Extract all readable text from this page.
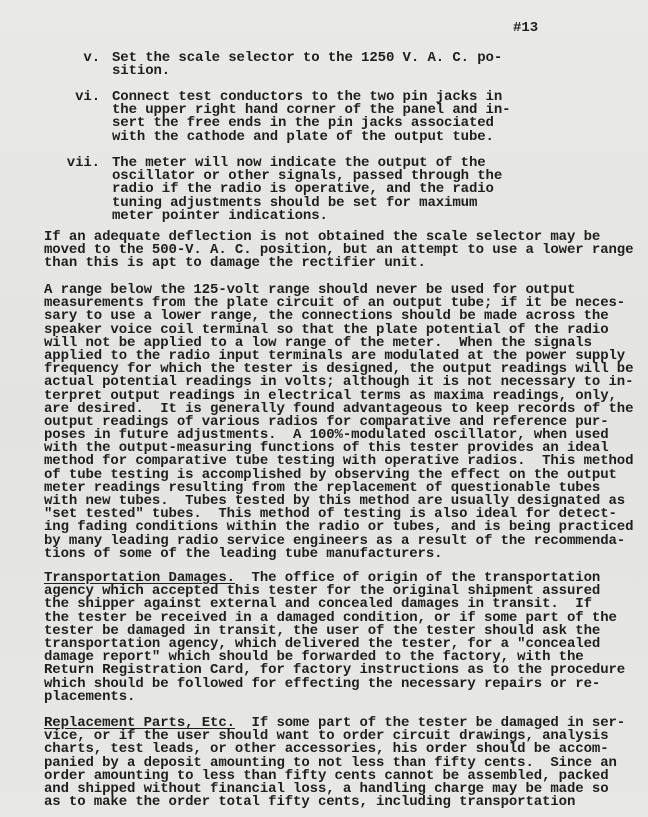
#13
v. Set the scale selector to the 1250 V. A. C. po-
sition.
vi. Connect test conductors to the two pin jacks in
the upper right hand corner of the panel and in-
sert the free ends in the pin jacks associated
with the cathode and plate of the output tube.
vii. The meter will now indicate the output of the
oscillator or other signals, passed through the
radio if the radio is operative, and the radio
tuning adjustments should be set for maximum
meter pointer indications.
If an adequate deflection is not obtained the scale selector may be
moved to the 500-V. A. C. position, but an attempt to use a lower range
than this is apt to damage the rectifier unit.
A range below the 125-volt range should never be used for output
measurements from the plate circuit of an output tube; if it be neces-
sary to use a lower range, the connections should be made across the
speaker voice coil terminal so that the plate potential of the radio
will not be applied to a low range of the meter.  When the signals
applied to the radio input terminals are modulated at the power supply
frequency for which the tester is designed, the output readings will be
actual potential readings in volts; although it is not necessary to in-
terpret output readings in electrical terms as maxima readings, only,
are desired.  It is generally found advantageous to keep records of the
output readings of various radios for comparative and reference pur-
poses in future adjustments.  A 100%-modulated oscillator, when used
with the output-measuring functions of this tester provides an ideal
method for comparative tube testing with operative radios.  This method
of tube testing is accomplished by observing the effect on the output
meter readings resulting from the replacement of questionable tubes
with new tubes.  Tubes tested by this method are usually designated as
"set tested" tubes.  This method of testing is also ideal for detect-
ing fading conditions within the radio or tubes, and is being practiced
by many leading radio service engineers as a result of the recommenda-
tions of some of the leading tube manufacturers.
Transportation Damages.  The office of origin of the transportation
agency which accepted this tester for the original shipment assured
the shipper against external and concealed damages in transit.  If
the tester be received in a damaged condition, or if some part of the
tester be damaged in transit, the user of the tester should ask the
transportation agency, which delivered the tester, for a "concealed
damage report" which should be forwarded to the factory, with the
Return Registration Card, for factory instructions as to the procedure
which should be followed for effecting the necessary repairs or re-
placements.
Replacement Parts, Etc.  If some part of the tester be damaged in ser-
vice, or if the user should want to order circuit drawings, analysis
charts, test leads, or other accessories, his order should be accom-
panied by a deposit amounting to not less than fifty cents.  Since an
order amounting to less than fifty cents cannot be assembled, packed
and shipped without financial loss, a handling charge may be made so
as to make the order total fifty cents, including transportation
